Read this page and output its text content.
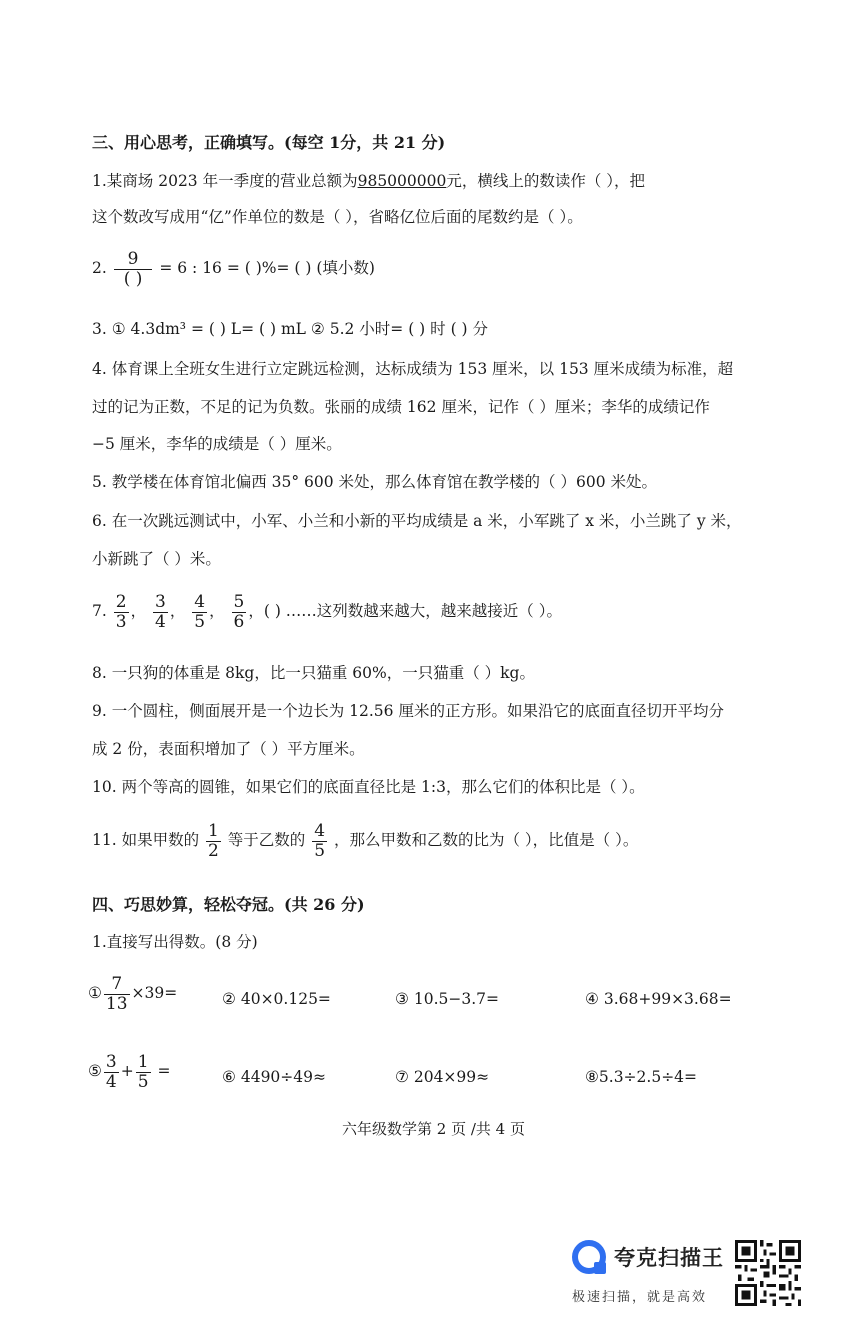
三、用心思考，正确填写。(每空 1分，共 21 分)
1.某商场 2023 年一季度的营业总额为985000000元，横线上的数读作（ ），把
这个数改写成用“亿”作单位的数是（ ），省略亿位后面的尾数约是（ ）。
2. $\frac{9}{( )} = 6$ : 16 = ( )%= ( ) (填小数)
3. ① 4.3dm³ = ( ) L= ( ) mL ② 5.2 小时= ( ) 时 ( ) 分
4. 体育课上全班女生进行立定跳远检测，达标成绩为 153 厘米，以 153 厘米成绩为标准，超
过的记为正数，不足的记为负数。张丽的成绩 162 厘米，记作（ ）厘米；李华的成绩记作
−5 厘米，李华的成绩是（ ）厘米。
5. 教学楼在体育馆北偏西 35° 600 米处，那么体育馆在教学楼的（ ）600 米处。
6. 在一次跳远测试中，小军、小兰和小新的平均成绩是 a 米，小军跳了 x 米，小兰跳了 y 米，
小新跳了（ ）米。
7. $\frac{2}{3}$ ， $\frac{3}{4}$ ， $\frac{4}{5}$ ， $\frac{5}{6}$ ，( ) ……这列数越来越大，越来越接近（ ）。
8. 一只狗的体重是 8kg，比一只猫重 60%，一只猫重（ ）kg。
9. 一个圆柱，侧面展开是一个边长为 12.56 厘米的正方形。如果沿它的底面直径切开平均分
成 2 份，表面积增加了（ ）平方厘米。
10. 两个等高的圆锥，如果它们的底面直径比是 1:3，那么它们的体积比是（ ）。
11. 如果甲数的 $\frac{1}{2}$ 等于乙数的 $\frac{4}{5}$ ，那么甲数和乙数的比为（ ），比值是（ ）。
四、巧思妙算，轻松夺冠。(共 26 分)
1.直接写出得数。(8 分)
① $\frac{7}{13} \times 39=$	② 40×0.125=	③ 10.5−3.7=	④ 3.68+99×3.68=
⑤ $\frac{3}{4} + \frac{1}{5}$ =	⑥ 4490÷49≈	⑦ 204×99≈	⑧5.3÷2.5÷4=
六年级数学第 2 页 /共 4 页
夸克扫描王
极速扫描，就是高效
